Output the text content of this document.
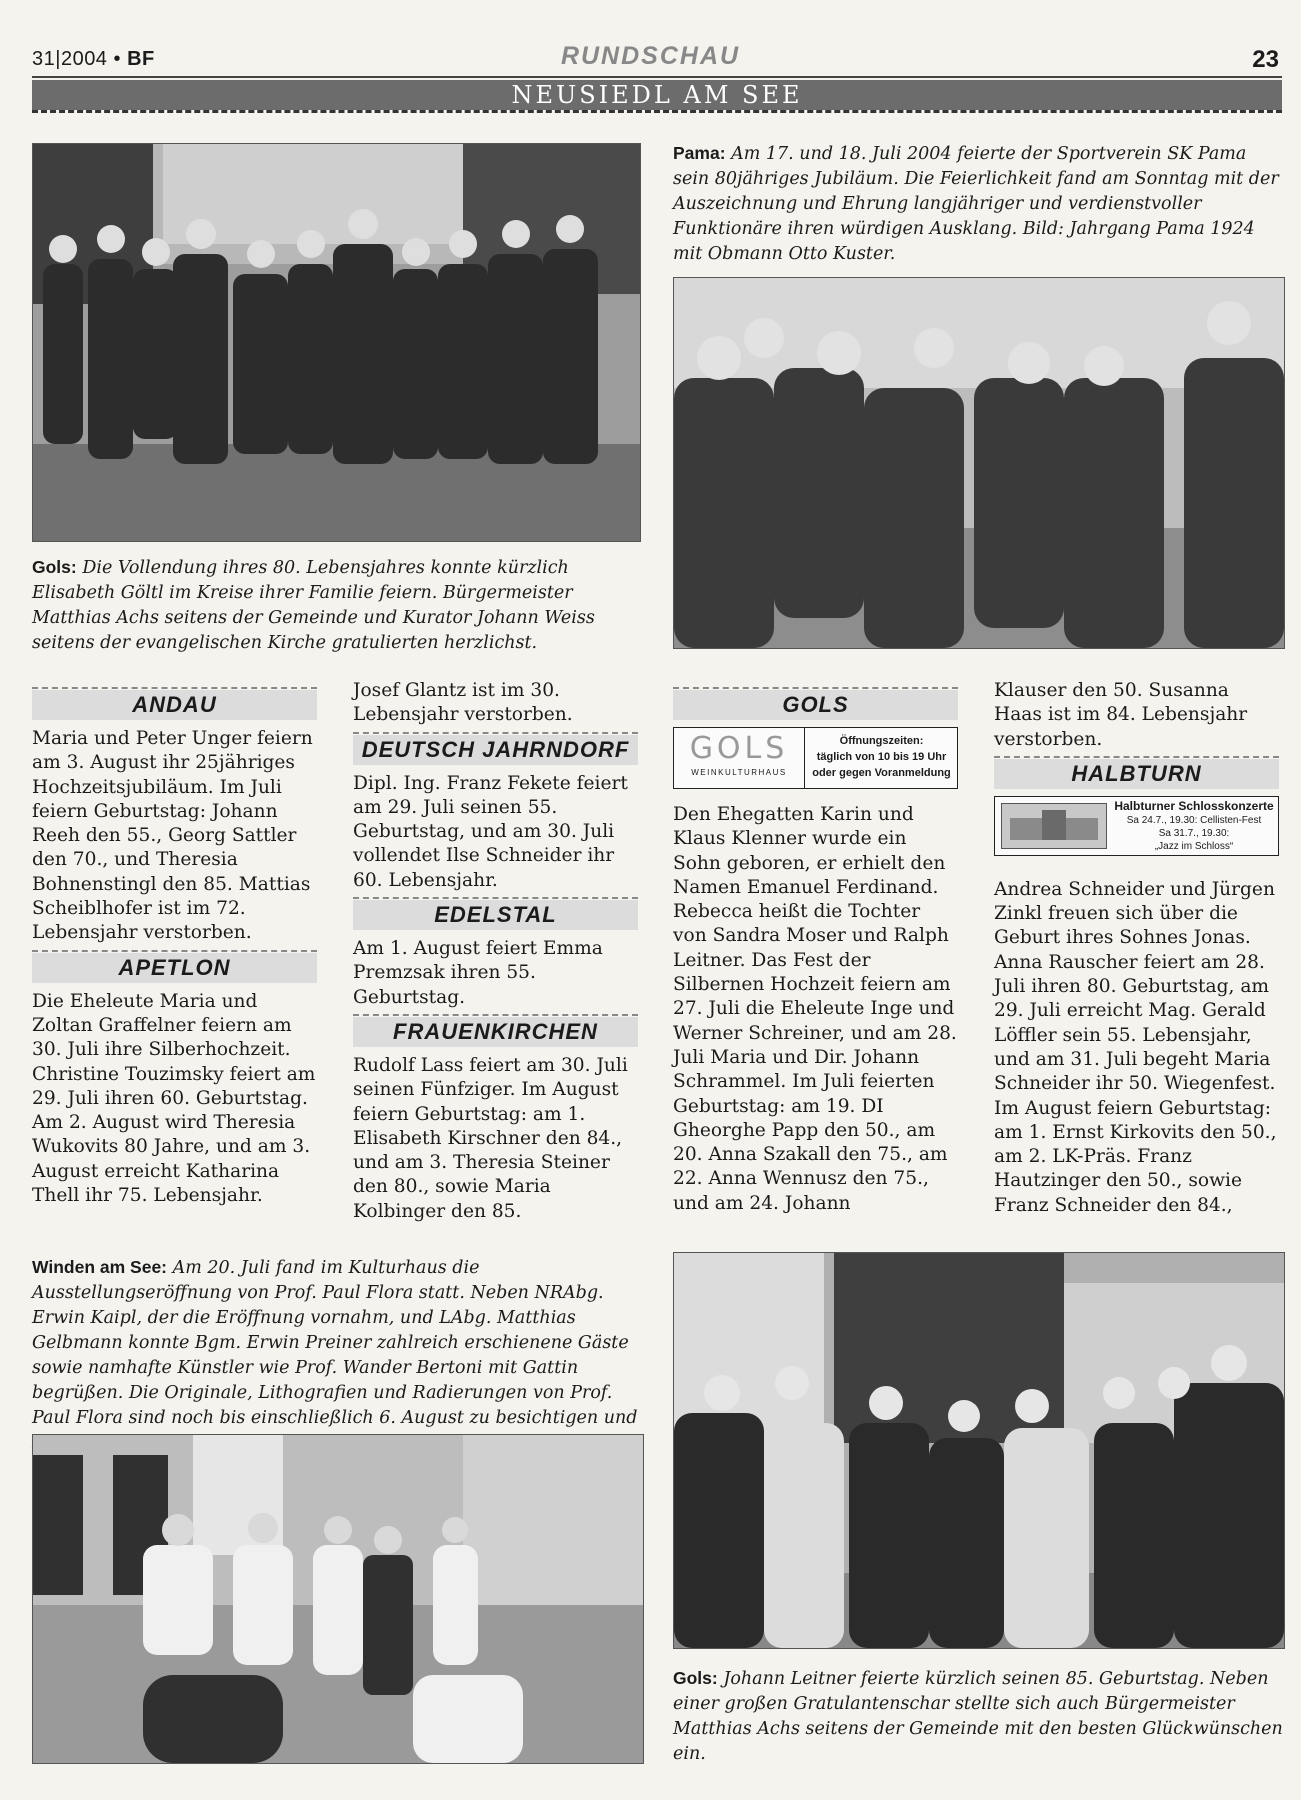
31|2004 • BF	RUNDSCHAU	23
NEUSIEDL AM SEE
Pama: Am 17. und 18. Juli 2004 feierte der Sportverein SK Pama sein 80jähriges Jubiläum. Die Feierlichkeit fand am Sonntag mit der Auszeichnung und Ehrung langjähriger und verdienstvoller Funktionäre ihren würdigen Ausklang. Bild: Jahrgang Pama 1924 mit Obmann Otto Kuster.
Gols: Die Vollendung ihres 80. Lebensjahres konnte kürzlich Elisabeth Göltl im Kreise ihrer Familie feiern. Bürgermeister Matthias Achs seitens der Gemeinde und Kurator Johann Weiss seitens der evangelischen Kirche gratulierten herzlichst.
ANDAU

Maria und Peter Unger feiern am 3. August ihr 25jähriges Hochzeitsjubiläum. Im Juli feiern Geburtstag: Johann Reeh den 55., Georg Sattler den 70., und Theresia Bohnenstingl den 85. Mattias Scheiblhofer ist im 72. Lebensjahr verstorben.

APETLON

Die Eheleute Maria und Zoltan Graffelner feiern am 30. Juli ihre Silberhochzeit. Christine Touzimsky feiert am 29. Juli ihren 60. Geburtstag. Am 2. August wird Theresia Wukovits 80 Jahre, und am 3. August erreicht Katharina Thell ihr 75. Lebensjahr.

Josef Glantz ist im 30. Lebensjahr verstorben.

DEUTSCH JAHRNDORF

Dipl. Ing. Franz Fekete feiert am 29. Juli seinen 55. Geburtstag, und am 30. Juli vollendet Ilse Schneider ihr 60. Lebensjahr.

EDELSTAL

Am 1. August feiert Emma Premzsak ihren 55. Geburtstag.

FRAUENKIRCHEN

Rudolf Lass feiert am 30. Juli seinen Fünfziger. Im August feiern Geburtstag: am 1. Elisabeth Kirschner den 84., und am 3. Theresia Steiner den 80., sowie Maria Kolbinger den 85.

GOLS
GOLS
WEINKULTURHAUS
Öffnungszeiten:
täglich von 10 bis 19 Uhr
oder gegen Voranmeldung

Den Ehegatten Karin und Klaus Klenner wurde ein Sohn geboren, er erhielt den Namen Emanuel Ferdinand. Rebecca heißt die Tochter von Sandra Moser und Ralph Leitner. Das Fest der Silbernen Hochzeit feiern am 27. Juli die Eheleute Inge und Werner Schreiner, und am 28. Juli Maria und Dir. Johann Schrammel. Im Juli feierten Geburtstag: am 19. DI Gheorghe Papp den 50., am 20. Anna Szakall den 75., am 22. Anna Wennusz den 75., und am 24. Johann

Klauser den 50. Susanna Haas ist im 84. Lebensjahr verstorben.

HALBTURN
Halbturner Schlosskonzerte
Sa 24.7., 19.30: Cellisten-Fest
Sa 31.7., 19.30:
„Jazz im Schloss“

Andrea Schneider und Jürgen Zinkl freuen sich über die Geburt ihres Sohnes Jonas. Anna Rauscher feiert am 28. Juli ihren 80. Geburtstag, am 29. Juli erreicht Mag. Gerald Löffler sein 55. Lebensjahr, und am 31. Juli begeht Maria Schneider ihr 50. Wiegenfest. Im August feiern Geburtstag: am 1. Ernst Kirkovits den 50., am 2. LK-Präs. Franz Hautzinger den 50., sowie Franz Schneider den 84.,

Winden am See: Am 20. Juli fand im Kulturhaus die Ausstellungseröffnung von Prof. Paul Flora statt. Neben NRAbg. Erwin Kaipl, der die Eröffnung vornahm, und LAbg. Matthias Gelbmann konnte Bgm. Erwin Preiner zahlreich erschienene Gäste sowie namhafte Künstler wie Prof. Wander Bertoni mit Gattin begrüßen. Die Originale, Lithografien und Radierungen von Prof. Paul Flora sind noch bis einschließlich 6. August zu besichtigen und
Gols: Johann Leitner feierte kürzlich seinen 85. Geburtstag. Neben einer großen Gratulantenschar stellte sich auch Bürgermeister Matthias Achs seitens der Gemeinde mit den besten Glückwünschen ein.
